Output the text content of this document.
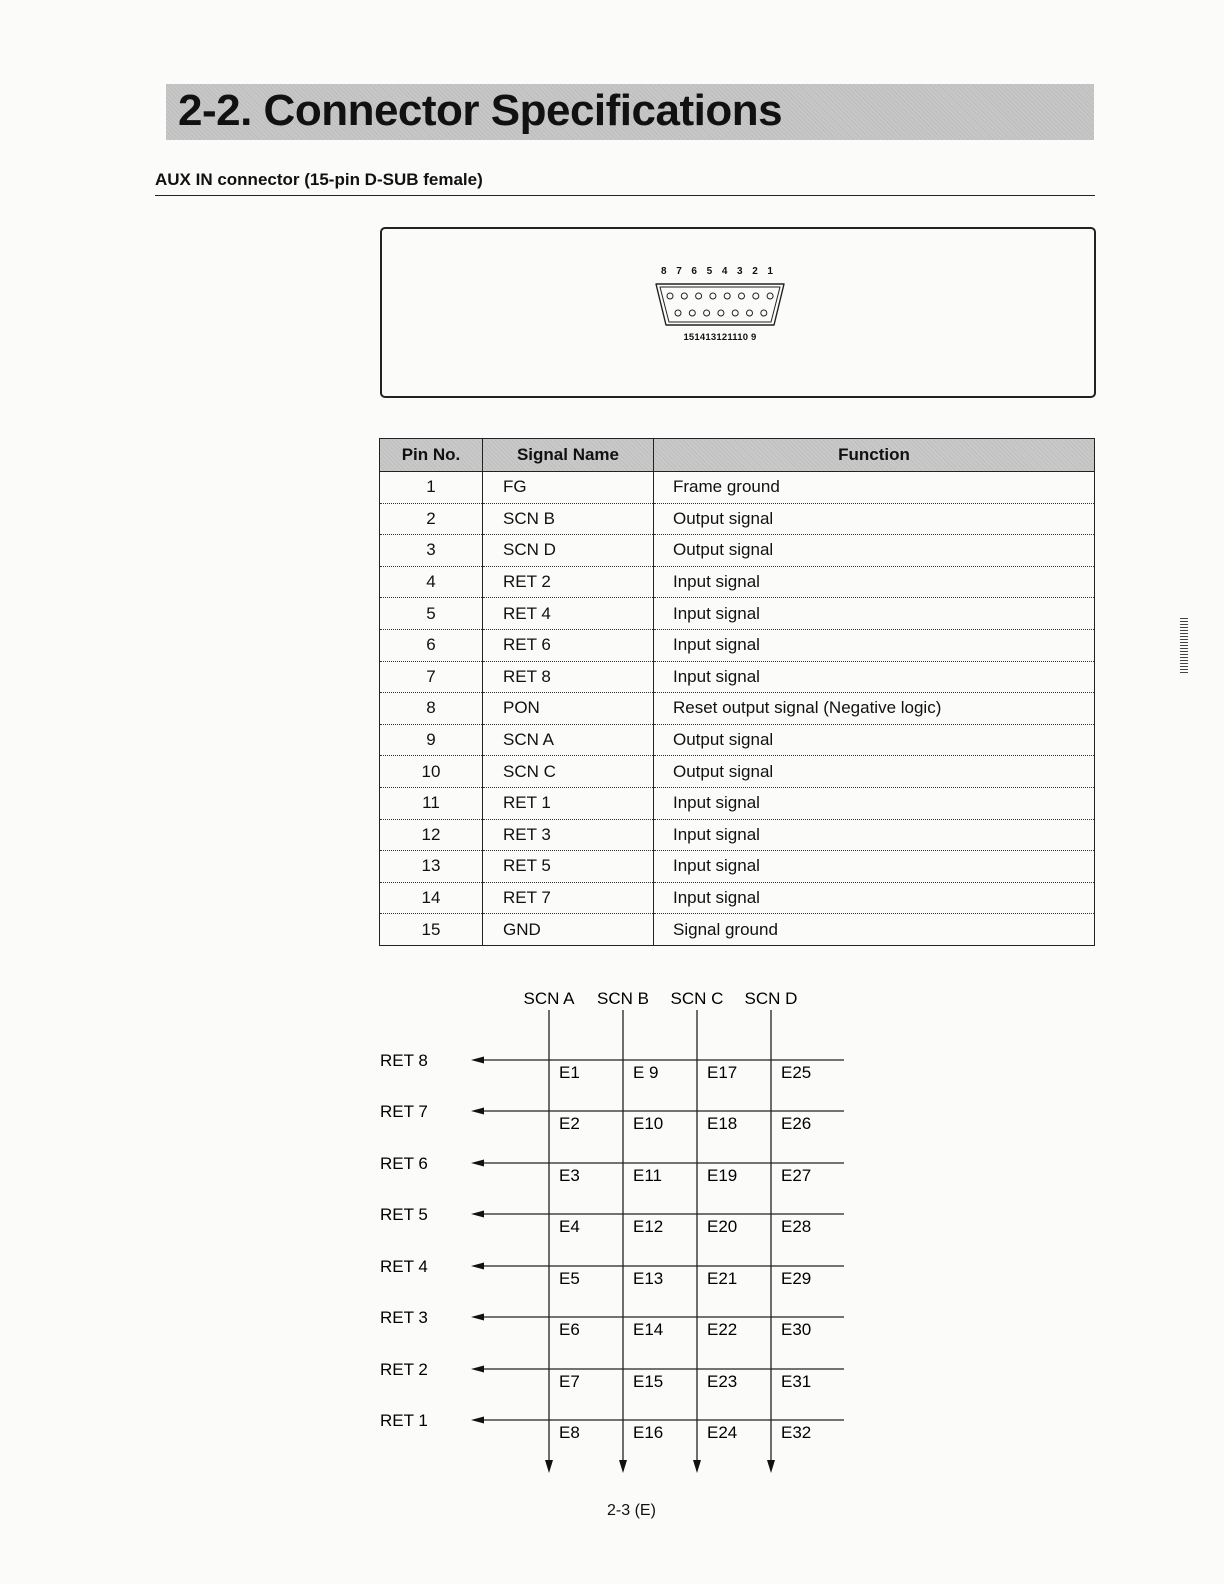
2-2. Connector Specifications
AUX IN connector (15-pin D-SUB female)
8 7 6 5 4 3 2 1
151413121110 9
Pin No.	Signal Name	Function
1	FG	Frame ground
2	SCN B	Output signal
3	SCN D	Output signal
4	RET 2	Input signal
5	RET 4	Input signal
6	RET 6	Input signal
7	RET 8	Input signal
8	PON	Reset output signal (Negative logic)
9	SCN A	Output signal
10	SCN C	Output signal
11	RET 1	Input signal
12	RET 3	Input signal
13	RET 5	Input signal
14	RET 7	Input signal
15	GND	Signal ground
SCN A SCN B SCN C SCN D
RET 8
E1	E 9	E17	E25
RET 7
E2	E10	E18	E26
RET 6
E3	E11	E19	E27
RET 5
E4	E12	E20	E28
RET 4
E5	E13	E21	E29
RET 3
E6	E14	E22	E30
RET 2
E7	E15	E23	E31
RET 1
E8	E16	E24	E32
2-3 (E)
